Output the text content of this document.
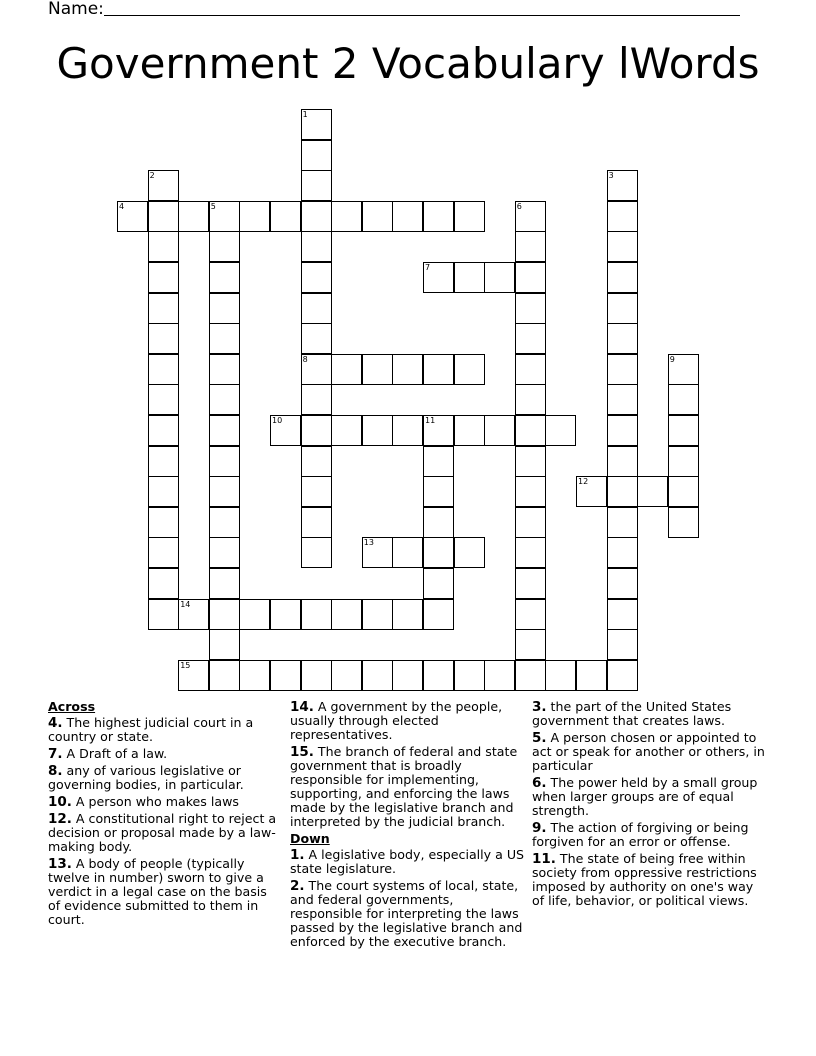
Name:
Government 2 Vocabulary lWords
1
8
2	3
4	5	6
7
9
10	11
12
13
14
15
Across
4. The highest judicial court in a country or state.
7. A Draft of a law.
8. any of various legislative or governing bodies, in particular.
10. A person who makes laws
12. A constitutional right to reject a decision or proposal made by a law-making body.
13. A body of people (typically twelve in number) sworn to give a verdict in a legal case on the basis of evidence submitted to them in court.
14. A government by the people, usually through elected representatives.
15. The branch of federal and state government that is broadly responsible for implementing, supporting, and enforcing the laws made by the legislative branch and interpreted by the judicial branch.
Down
1. A legislative body, especially a US state legislature.
2. The court systems of local, state, and federal governments, responsible for interpreting the laws passed by the legislative branch and enforced by the executive branch.
3. the part of the United States government that creates laws.
5. A person chosen or appointed to act or speak for another or others, in particular
6. The power held by a small group when larger groups are of equal strength.
9. The action of forgiving or being forgiven for an error or offense.
11. The state of being free within society from oppressive restrictions imposed by authority on one's way of life, behavior, or political views.
